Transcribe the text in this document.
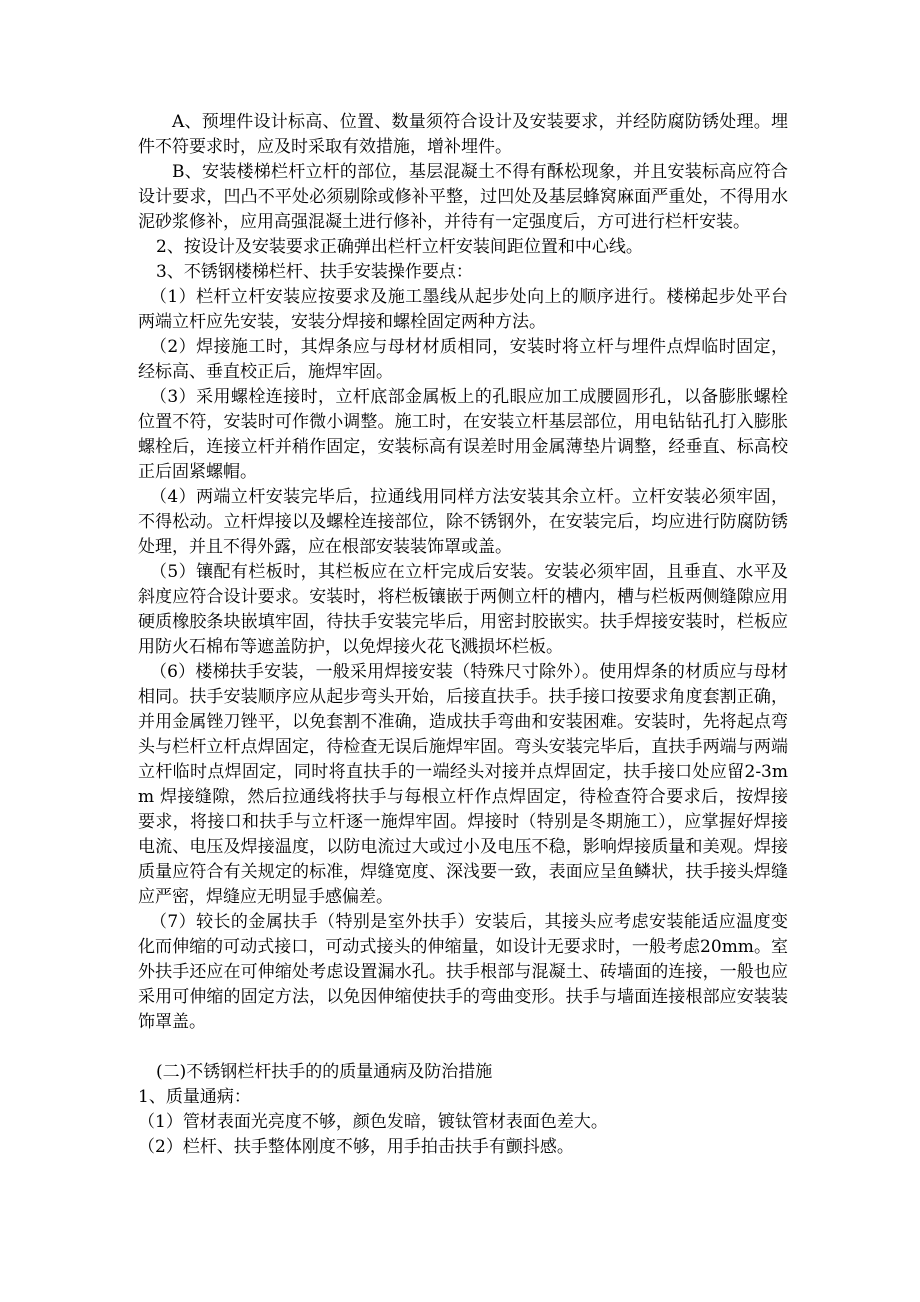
A、预埋件设计标高、位置、数量须符合设计及安装要求，并经防腐防锈处理。埋件不符要求时，应及时采取有效措施，增补埋件。

B、安装楼梯栏杆立杆的部位，基层混凝土不得有酥松现象，并且安装标高应符合设计要求，凹凸不平处必须剔除或修补平整，过凹处及基层蜂窝麻面严重处，不得用水泥砂浆修补，应用高强混凝土进行修补，并待有一定强度后，方可进行栏杆安装。

2、按设计及安装要求正确弹出栏杆立杆安装间距位置和中心线。

3、不锈钢楼梯栏杆、扶手安装操作要点：

（1）栏杆立杆安装应按要求及施工墨线从起步处向上的顺序进行。楼梯起步处平台两端立杆应先安装，安装分焊接和螺栓固定两种方法。

（2）焊接施工时，其焊条应与母材材质相同，安装时将立杆与埋件点焊临时固定，经标高、垂直校正后，施焊牢固。

（3）采用螺栓连接时，立杆底部金属板上的孔眼应加工成腰圆形孔，以备膨胀螺栓位置不符，安装时可作微小调整。施工时，在安装立杆基层部位，用电钻钻孔打入膨胀螺栓后，连接立杆并稍作固定，安装标高有误差时用金属薄垫片调整，经垂直、标高校正后固紧螺帽。

（4）两端立杆安装完毕后，拉通线用同样方法安装其余立杆。立杆安装必须牢固，不得松动。立杆焊接以及螺栓连接部位，除不锈钢外，在安装完后，均应进行防腐防锈处理，并且不得外露，应在根部安装装饰罩或盖。

（5）镶配有栏板时，其栏板应在立杆完成后安装。安装必须牢固，且垂直、水平及斜度应符合设计要求。安装时，将栏板镶嵌于两侧立杆的槽内，槽与栏板两侧缝隙应用硬质橡胶条块嵌填牢固，待扶手安装完毕后，用密封胶嵌实。扶手焊接安装时，栏板应用防火石棉布等遮盖防护，以免焊接火花飞溅损坏栏板。

（6）楼梯扶手安装，一般采用焊接安装（特殊尺寸除外）。使用焊条的材质应与母材相同。扶手安装顺序应从起步弯头开始，后接直扶手。扶手接口按要求角度套割正确，并用金属锉刀锉平，以免套割不准确，造成扶手弯曲和安装困难。安装时，先将起点弯头与栏杆立杆点焊固定，待检查无误后施焊牢固。弯头安装完毕后，直扶手两端与两端立杆临时点焊固定，同时将直扶手的一端经头对接并点焊固定，扶手接口处应留2-3mm 焊接缝隙，然后拉通线将扶手与每根立杆作点焊固定，待检查符合要求后，按焊接要求，将接口和扶手与立杆逐一施焊牢固。焊接时（特别是冬期施工），应掌握好焊接电流、电压及焊接温度，以防电流过大或过小及电压不稳，影响焊接质量和美观。焊接质量应符合有关规定的标准，焊缝宽度、深浅要一致，表面应呈鱼鳞状，扶手接头焊缝应严密，焊缝应无明显手感偏差。

（7）较长的金属扶手（特别是室外扶手）安装后，其接头应考虑安装能适应温度变化而伸缩的可动式接口，可动式接头的伸缩量，如设计无要求时，一般考虑20mm。室外扶手还应在可伸缩处考虑设置漏水孔。扶手根部与混凝土、砖墙面的连接，一般也应采用可伸缩的固定方法，以免因伸缩使扶手的弯曲变形。扶手与墙面连接根部应安装装饰罩盖。

(二)不锈钢栏杆扶手的的质量通病及防治措施

1、质量通病：

（1）管材表面光亮度不够，颜色发暗，镀钛管材表面色差大。

（2）栏杆、扶手整体刚度不够，用手拍击扶手有颤抖感。
